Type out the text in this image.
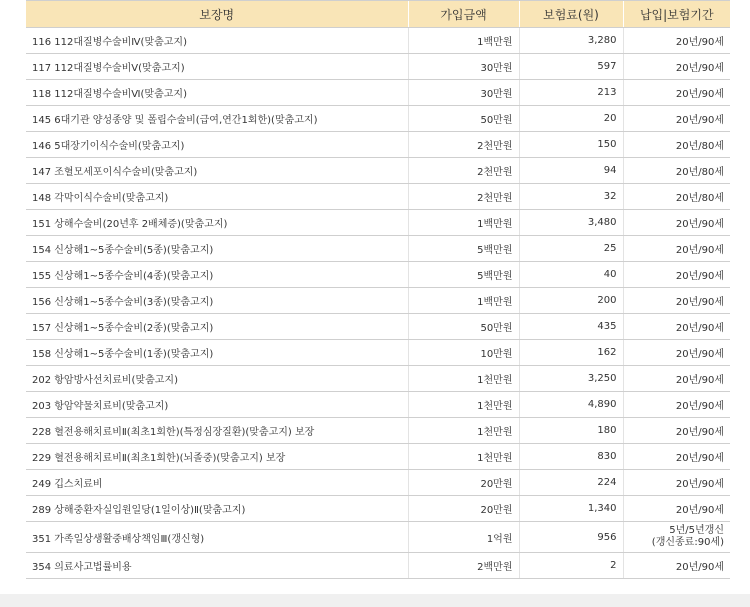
보장명	가입금액	보험료(원)	납입|보험기간
116 112대질병수술비Ⅳ(맞춤고지)	1백만원	3,280	20년/90세
117 112대질병수술비Ⅴ(맞춤고지)	30만원	597	20년/90세
118 112대질병수술비Ⅵ(맞춤고지)	30만원	213	20년/90세
145 6대기관 양성종양 및 폴립수술비(급여,연간1회한)(맞춤고지)	50만원	20	20년/90세
146 5대장기이식수술비(맞춤고지)	2천만원	150	20년/80세
147 조혈모세포이식수술비(맞춤고지)	2천만원	94	20년/80세
148 각막이식수술비(맞춤고지)	2천만원	32	20년/80세
151 상해수술비(20년후 2배체증)(맞춤고지)	1백만원	3,480	20년/90세
154 신상해1~5종수술비(5종)(맞춤고지)	5백만원	25	20년/90세
155 신상해1~5종수술비(4종)(맞춤고지)	5백만원	40	20년/90세
156 신상해1~5종수술비(3종)(맞춤고지)	1백만원	200	20년/90세
157 신상해1~5종수술비(2종)(맞춤고지)	50만원	435	20년/90세
158 신상해1~5종수술비(1종)(맞춤고지)	10만원	162	20년/90세
202 항암방사선치료비(맞춤고지)	1천만원	3,250	20년/90세
203 항암약물치료비(맞춤고지)	1천만원	4,890	20년/90세
228 혈전용해치료비Ⅱ(최초1회한)(특정심장질환)(맞춤고지) 보장	1천만원	180	20년/90세
229 혈전용해치료비Ⅱ(최초1회한)(뇌졸중)(맞춤고지) 보장	1천만원	830	20년/90세
249 깁스치료비	20만원	224	20년/90세
289 상해중환자실입원일당(1일이상)Ⅱ(맞춤고지)	20만원	1,340	20년/90세
351 가족일상생활중배상책임Ⅲ(갱신형)	1억원	956	5년/5년갱신
(갱신종료:90세)

354 의료사고법률비용	2백만원	2	20년/90세
